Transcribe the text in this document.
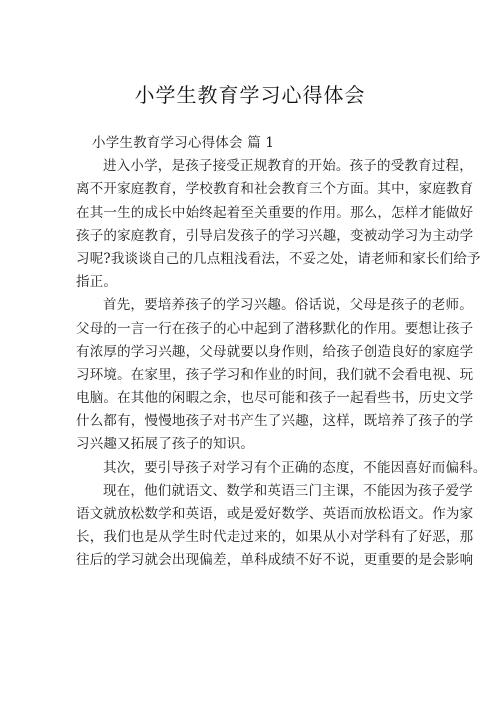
小学生教育学习心得体会
小学生教育学习心得体会 篇 1
进入小学，是孩子接受正规教育的开始。孩子的受教育过程，
离不开家庭教育，学校教育和社会教育三个方面。其中，家庭教育
在其一生的成长中始终起着至关重要的作用。那么，怎样才能做好
孩子的家庭教育，引导启发孩子的学习兴趣，变被动学习为主动学
习呢?我谈谈自己的几点粗浅看法，不妥之处，请老师和家长们给予
指正。
首先，要培养孩子的学习兴趣。俗话说，父母是孩子的老师。
父母的一言一行在孩子的心中起到了潜移默化的作用。要想让孩子
有浓厚的学习兴趣，父母就要以身作则，给孩子创造良好的家庭学
习环境。在家里，孩子学习和作业的时间，我们就不会看电视、玩
电脑。在其他的闲暇之余，也尽可能和孩子一起看些书，历史文学
什么都有，慢慢地孩子对书产生了兴趣，这样，既培养了孩子的学
习兴趣又拓展了孩子的知识。
其次，要引导孩子对学习有个正确的态度，不能因喜好而偏科。
现在，他们就语文、数学和英语三门主课，不能因为孩子爱学
语文就放松数学和英语，或是爱好数学、英语而放松语文。作为家
长，我们也是从学生时代走过来的，如果从小对学科有了好恶，那
往后的学习就会出现偏差，单科成绩不好不说，更重要的是会影响
